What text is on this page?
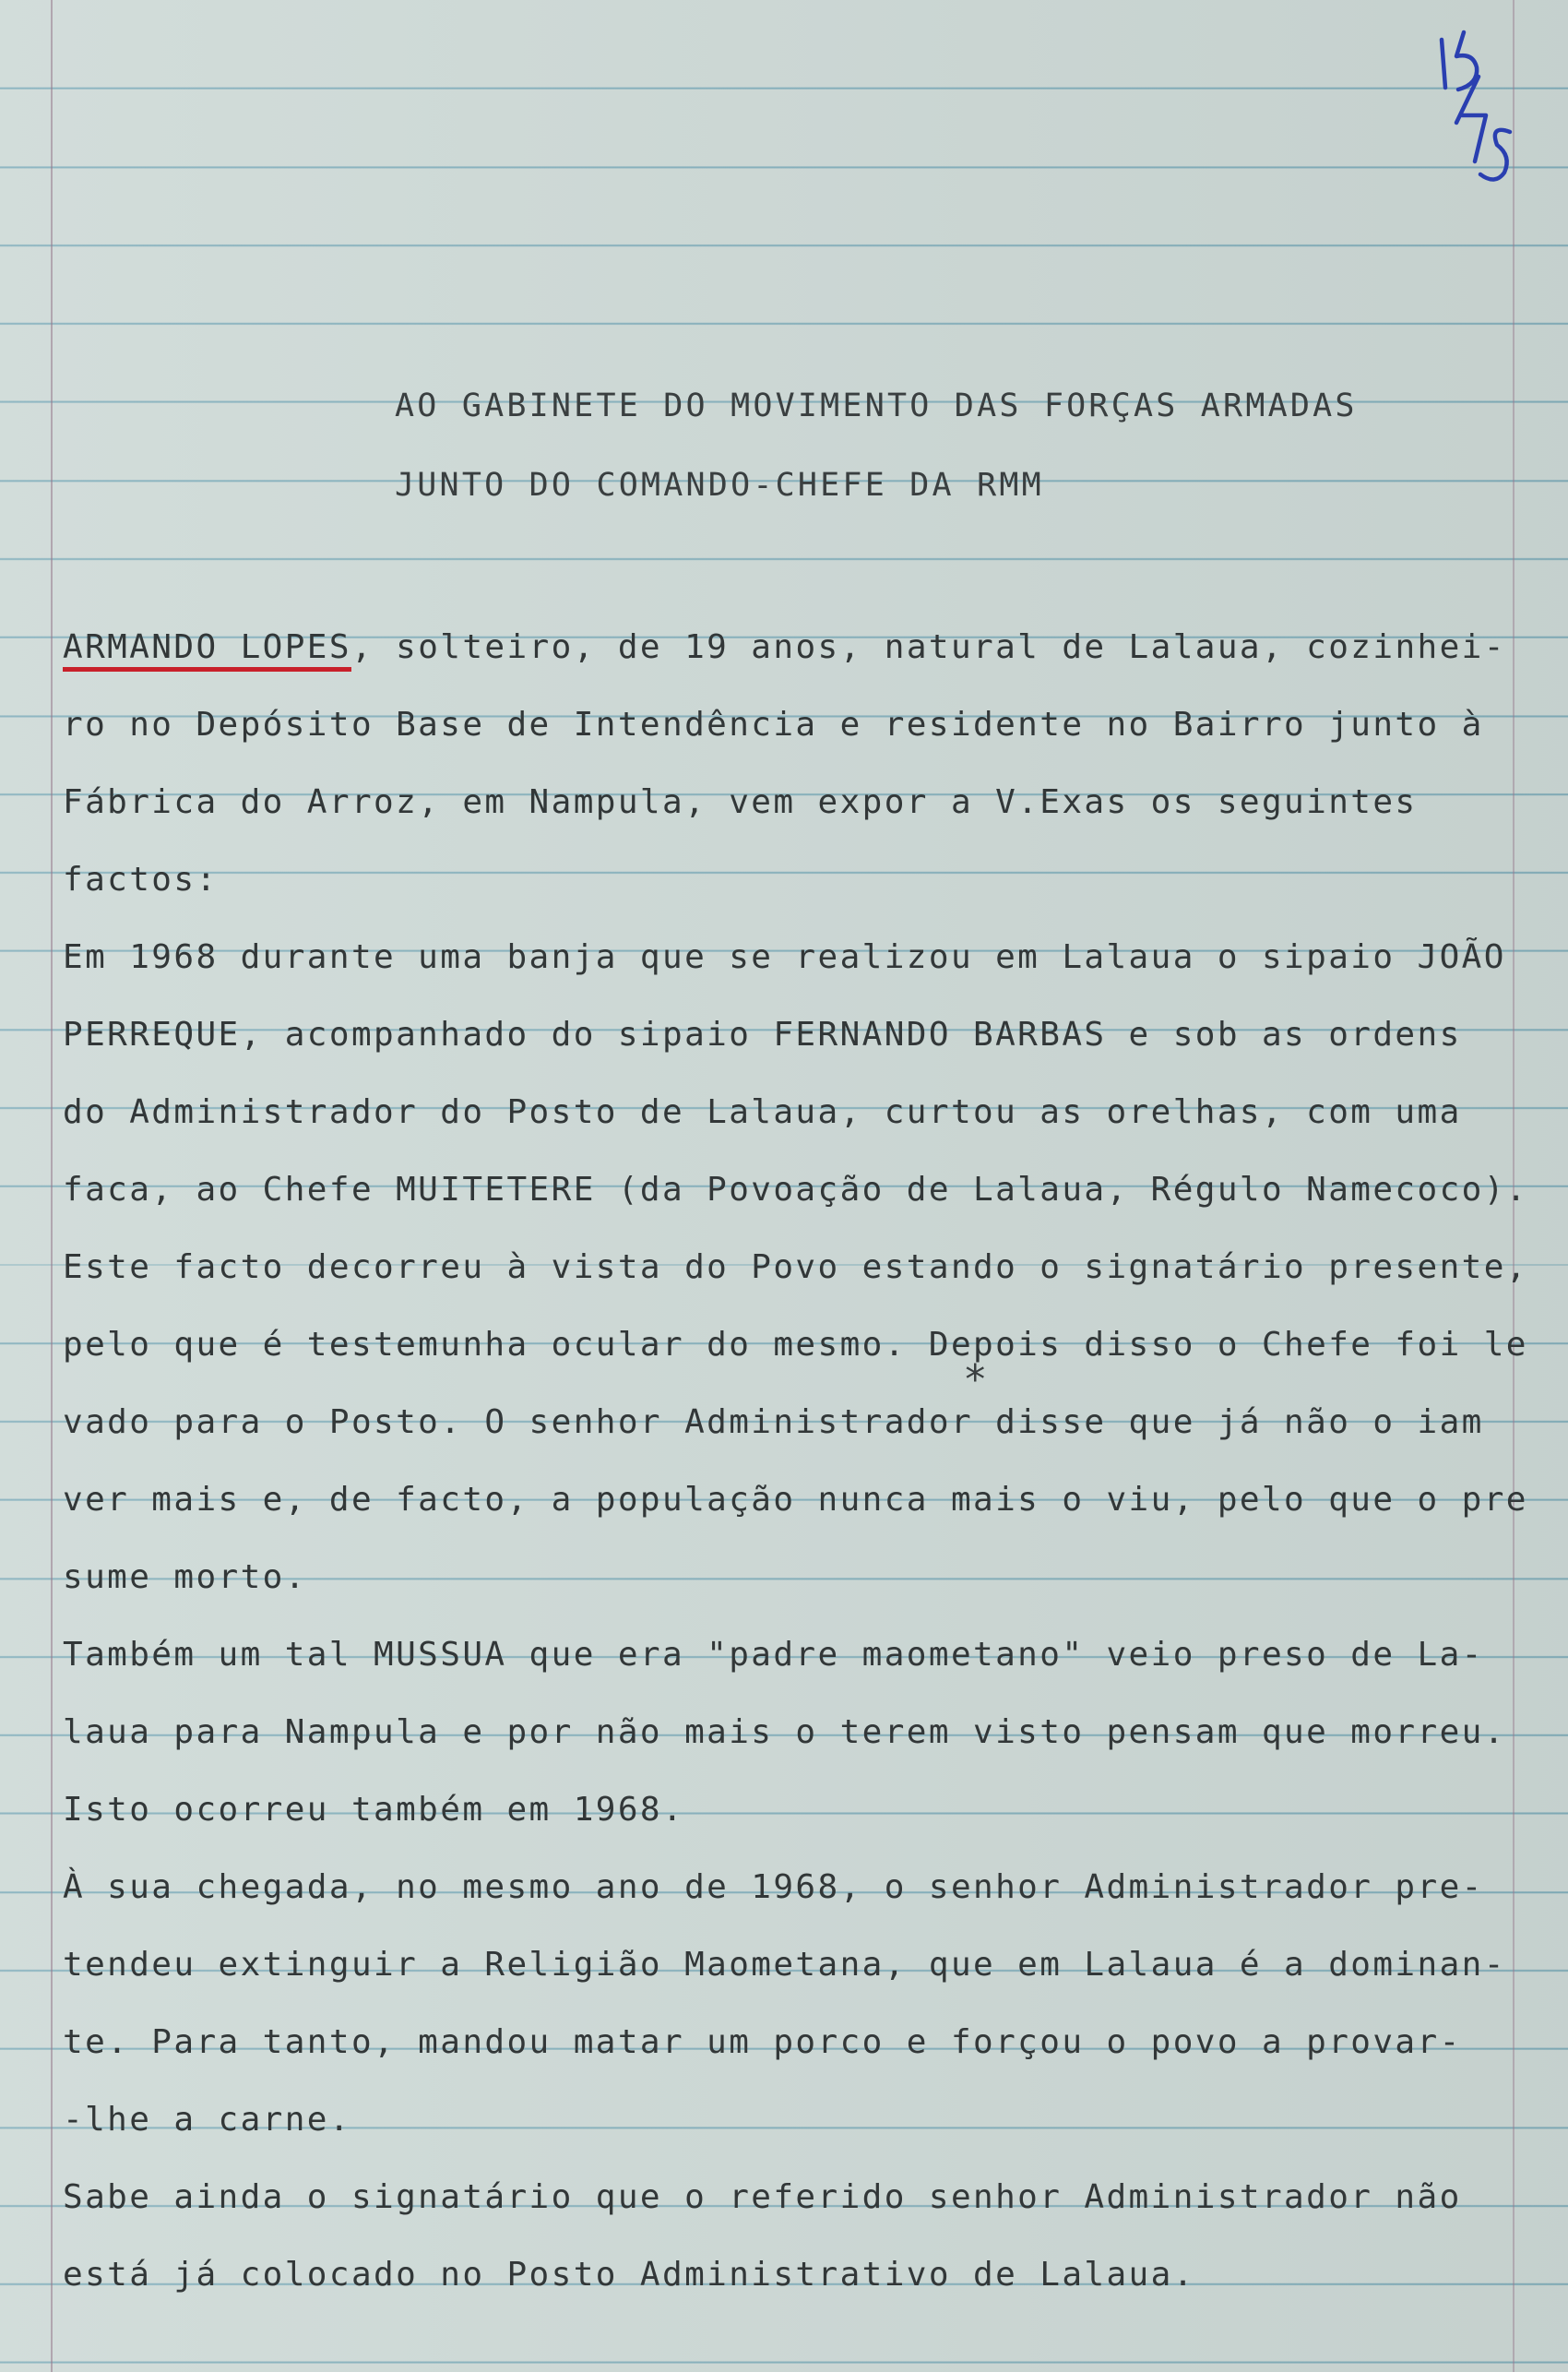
AO GABINETE DO MOVIMENTO DAS FORÇAS ARMADAS
JUNTO DO COMANDO-CHEFE DA RMM
ARMANDO LOPES, solteiro, de 19 anos, natural de Lalaua, cozinhei-
ro no Depósito Base de Intendência e residente no Bairro junto à
Fábrica do Arroz, em Nampula, vem expor a V.Exas os seguintes
factos:
Em 1968 durante uma banja que se realizou em Lalaua o sipaio JOÃO
PERREQUE, acompanhado do sipaio FERNANDO BARBAS e sob as ordens
do Administrador do Posto de Lalaua, curtou as orelhas, com uma
faca, ao Chefe MUITETERE (da Povoação de Lalaua, Régulo Namecoco).
Este facto decorreu à vista do Povo estando o signatário presente,
pelo que é testemunha ocular do mesmo. Depois disso o Chefe foi le
vado para o Posto. O senhor Administrador disse que já não o iam
ver mais e, de facto, a população nunca mais o viu, pelo que o pre
sume morto.
Também um tal MUSSUA que era "padre maometano" veio preso de La-
laua para Nampula e por não mais o terem visto pensam que morreu.
Isto ocorreu também em 1968.
À sua chegada, no mesmo ano de 1968, o senhor Administrador pre-
tendeu extinguir a Religião Maometana, que em Lalaua é a dominan-
te. Para tanto, mandou matar um porco e forçou o povo a provar-
-lhe a carne.
Sabe ainda o signatário que o referido senhor Administrador não
está já colocado no Posto Administrativo de Lalaua.
*
